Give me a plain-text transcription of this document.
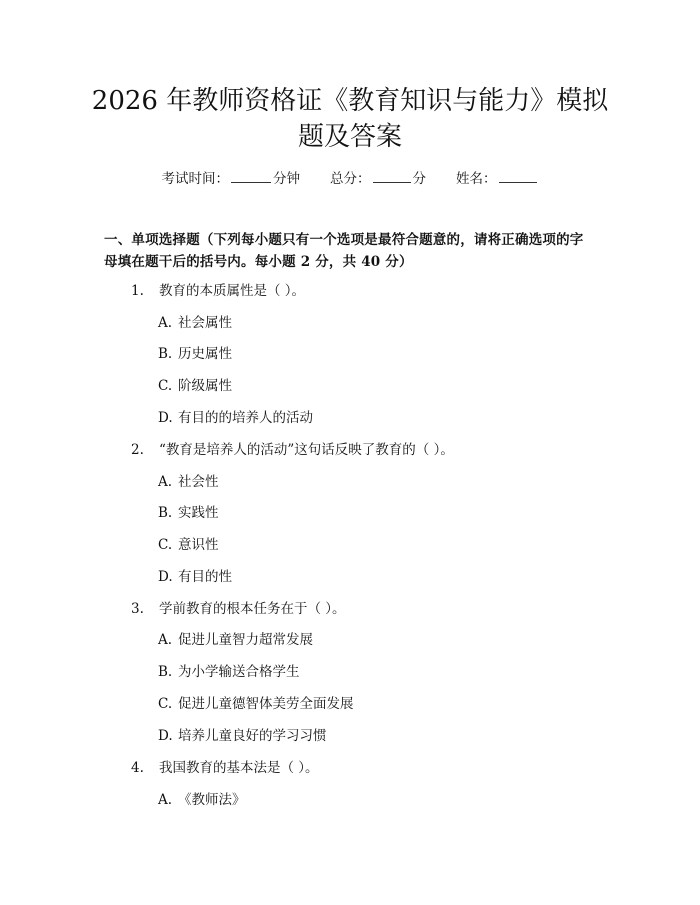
2026 年教师资格证《教育知识与能力》模拟
题及答案
考试时间：	分钟 总分：	分 姓名：
一、单项选择题（下列每小题只有一个选项是最符合题意的，请将正确选项的字
母填在题干后的括号内。每小题 2 分，共 40 分）
1. 教育的本质属性是（ ）。
A. 社会属性
B. 历史属性
C. 阶级属性
D. 有目的的培养人的活动
2. “教育是培养人的活动”这句话反映了教育的（ ）。
A. 社会性
B. 实践性
C. 意识性
D. 有目的性
3. 学前教育的根本任务在于（ ）。
A. 促进儿童智力超常发展
B. 为小学输送合格学生
C. 促进儿童德智体美劳全面发展
D. 培养儿童良好的学习习惯
4. 我国教育的基本法是（ ）。
A. 《教师法》
